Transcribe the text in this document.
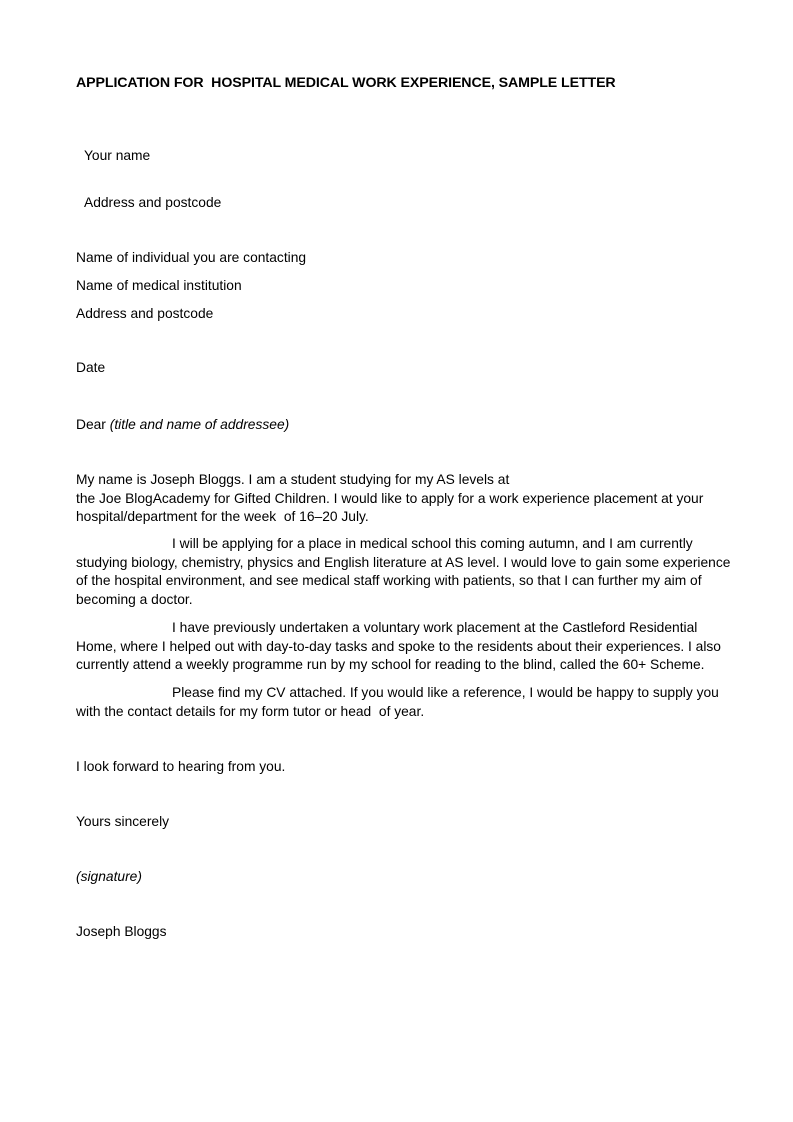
APPLICATION FOR  HOSPITAL MEDICAL WORK EXPERIENCE, SAMPLE LETTER
Your name
Address and postcode
Name of individual you are contacting
Name of medical institution
Address and postcode
Date
Dear (title and name of addressee)
My name is Joseph Bloggs. I am a student studying for my AS levels at
the Joe BlogAcademy for Gifted Children. I would like to apply for a work experience placement at your
hospital/department for the week  of 16–20 July.
I will be applying for a place in medical school this coming autumn, and I am currently
studying biology, chemistry, physics and English literature at AS level. I would love to gain some experience
of the hospital environment, and see medical staff working with patients, so that I can further my aim of
becoming a doctor.
I have previously undertaken a voluntary work placement at the Castleford Residential
Home, where I helped out with day-to-day tasks and spoke to the residents about their experiences. I also
currently attend a weekly programme run by my school for reading to the blind, called the 60+ Scheme.
Please find my CV attached. If you would like a reference, I would be happy to supply you
with the contact details for my form tutor or head  of year.
I look forward to hearing from you.
Yours sincerely
(signature)
Joseph Bloggs
